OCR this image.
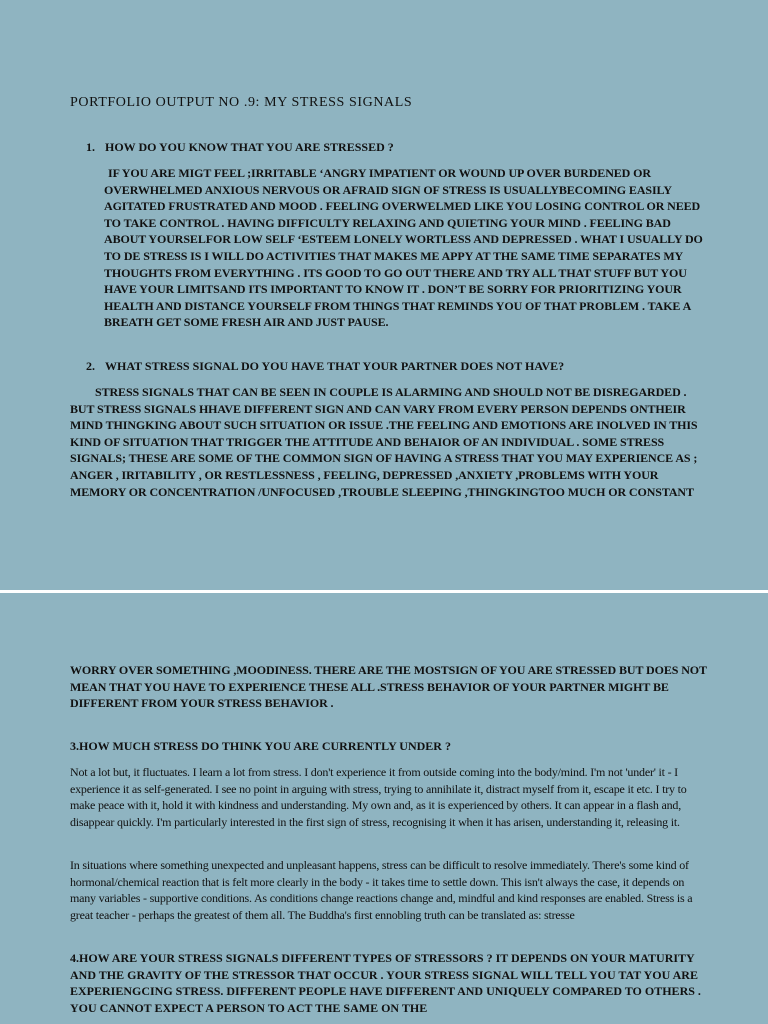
PORTFOLIO OUTPUT NO .9: MY STRESS SIGNALS

1. HOW DO YOU KNOW THAT YOU ARE STRESSED ?

IF YOU ARE MIGT FEEL ;IRRITABLE ‘ANGRY IMPATIENT OR WOUND UP OVER BURDENED OR OVERWHELMED ANXIOUS NERVOUS OR AFRAID SIGN OF STRESS IS USUALLYBECOMING EASILY AGITATED FRUSTRATED AND MOOD . FEELING OVERWELMED LIKE YOU LOSING CONTROL OR NEED TO TAKE CONTROL . HAVING DIFFICULTY RELAXING AND QUIETING YOUR MIND . FEELING BAD ABOUT YOURSELFOR LOW SELF ‘ESTEEM LONELY WORTLESS AND DEPRESSED . WHAT I USUALLY DO TO DE STRESS IS I WILL DO ACTIVITIES THAT MAKES ME APPY AT THE SAME TIME SEPARATES MY THOUGHTS FROM EVERYTHING . ITS GOOD TO GO OUT THERE AND TRY ALL THAT STUFF BUT YOU HAVE YOUR LIMITSAND ITS IMPORTANT TO KNOW IT . DON’T BE SORRY FOR PRIORITIZING YOUR HEALTH AND DISTANCE YOURSELF FROM THINGS THAT REMINDS YOU OF THAT PROBLEM . TAKE A BREATH GET SOME FRESH AIR AND JUST PAUSE.

2. WHAT STRESS SIGNAL DO YOU HAVE THAT YOUR PARTNER DOES NOT HAVE?

STRESS SIGNALS THAT CAN BE SEEN IN COUPLE IS ALARMING AND SHOULD NOT BE DISREGARDED . BUT STRESS SIGNALS HHAVE DIFFERENT SIGN AND CAN VARY FROM EVERY PERSON DEPENDS ONTHEIR MIND THINGKING ABOUT SUCH SITUATION OR ISSUE .THE FEELING AND EMOTIONS ARE INOLVED IN THIS KIND OF SITUATION THAT TRIGGER THE ATTITUDE AND BEHAIOR OF AN INDIVIDUAL . SOME STRESS SIGNALS; THESE ARE SOME OF THE COMMON SIGN OF HAVING A STRESS THAT YOU MAY EXPERIENCE AS ; ANGER , IRITABILITY , OR RESTLESSNESS , FEELING, DEPRESSED ,ANXIETY ,PROBLEMS WITH YOUR MEMORY OR CONCENTRATION /UNFOCUSED ,TROUBLE SLEEPING ,THINGKINGTOO MUCH OR CONSTANT

WORRY OVER SOMETHING ,MOODINESS. THERE ARE THE MOSTSIGN OF YOU ARE STRESSED BUT DOES NOT MEAN THAT YOU HAVE TO EXPERIENCE THESE ALL .STRESS BEHAVIOR OF YOUR PARTNER MIGHT BE DIFFERENT FROM YOUR STRESS BEHAVIOR .

3.HOW MUCH STRESS DO THINK YOU ARE CURRENTLY UNDER ?

Not a lot but, it fluctuates. I learn a lot from stress. I don't experience it from outside coming into the body/mind. I'm not 'under' it - I experience it as self-generated. I see no point in arguing with stress, trying to annihilate it, distract myself from it, escape it etc. I try to make peace with it, hold it with kindness and understanding. My own and, as it is experienced by others. It can appear in a flash and, disappear quickly. I'm particularly interested in the first sign of stress, recognising it when it has arisen, understanding it, releasing it.

In situations where something unexpected and unpleasant happens, stress can be difficult to resolve immediately. There's some kind of hormonal/chemical reaction that is felt more clearly in the body - it takes time to settle down. This isn't always the case, it depends on many variables - supportive conditions. As conditions change reactions change and, mindful and kind responses are enabled. Stress is a great teacher - perhaps the greatest of them all. The Buddha's first ennobling truth can be translated as: stresse

4.HOW ARE YOUR STRESS SIGNALS DIFFERENT TYPES OF STRESSORS ? IT DEPENDS ON YOUR MATURITY AND THE GRAVITY OF THE STRESSOR THAT OCCUR . YOUR STRESS SIGNAL WILL TELL YOU TAT YOU ARE EXPERIENGCING STRESS. DIFFERENT PEOPLE HAVE DIFFERENT AND UNIQUELY COMPARED TO OTHERS . YOU CANNOT EXPECT A PERSON TO ACT THE SAME ON THE
